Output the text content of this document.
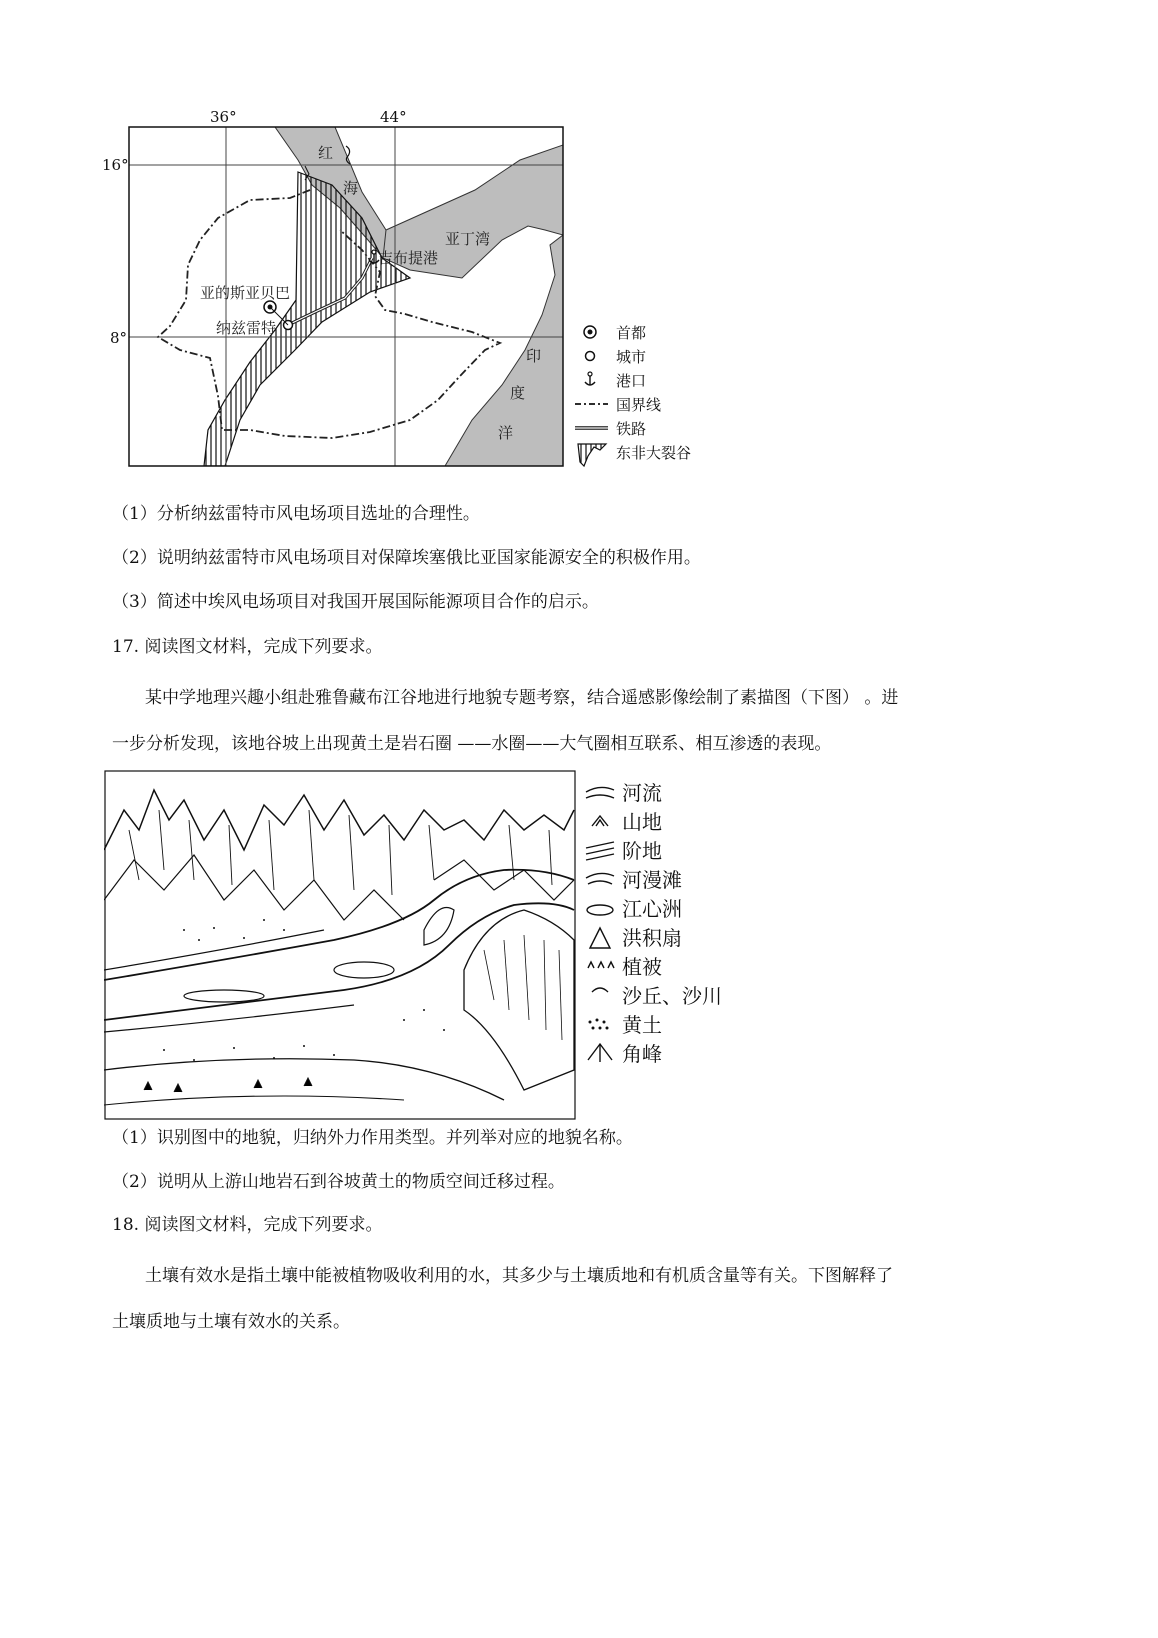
36°	44°
16°
8°
红
海
亚丁湾
吉布提港
亚的斯亚贝巴
纳兹雷特
印
度
洋
首都
城市
港口
国界线
铁路
东非大裂谷
（1）分析纳兹雷特市风电场项目选址的合理性。
（2）说明纳兹雷特市风电场项目对保障埃塞俄比亚国家能源安全的积极作用。
（3）简述中埃风电场项目对我国开展国际能源项目合作的启示。
17. 阅读图文材料，完成下列要求。
某中学地理兴趣小组赴雅鲁藏布江谷地进行地貌专题考察，结合遥感影像绘制了素描图（下图） 。进
一步分析发现，该地谷坡上出现黄土是岩石圈 ——水圈——大气圈相互联系、相互渗透的表现。
河流
山地
阶地
河漫滩
江心洲
洪积扇
植被
沙丘、沙川
黄土
角峰
（1）识别图中的地貌，归纳外力作用类型。并列举对应的地貌名称。
（2）说明从上游山地岩石到谷坡黄土的物质空间迁移过程。
18. 阅读图文材料，完成下列要求。
土壤有效水是指土壤中能被植物吸收利用的水，其多少与土壤质地和有机质含量等有关。下图解释了
土壤质地与土壤有效水的关系。
